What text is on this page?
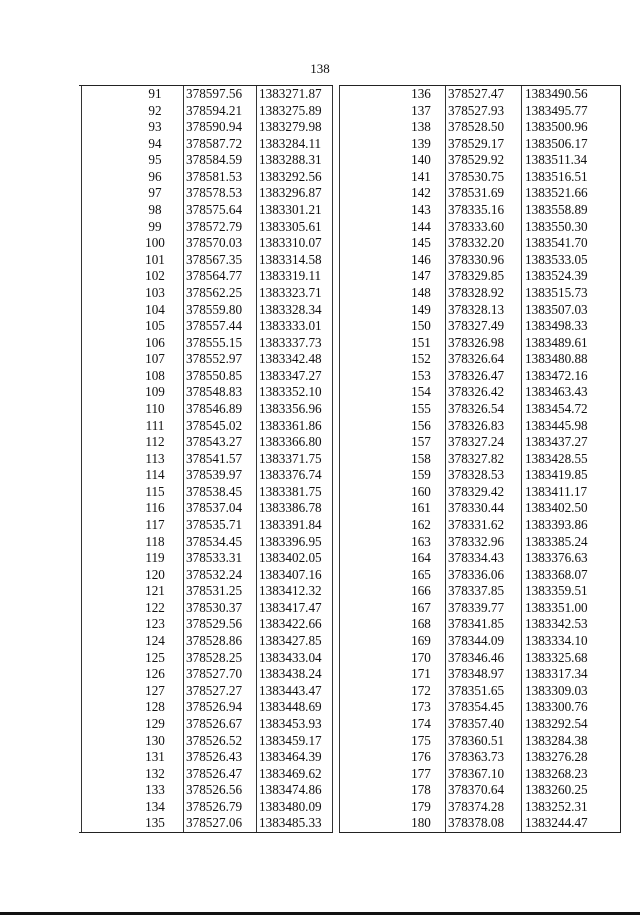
138
91	378597.56 1383271.87
92	378594.21 1383275.89
93	378590.94 1383279.98
94	378587.72 1383284.11
95	378584.59 1383288.31
96	378581.53 1383292.56
97	378578.53 1383296.87
98	378575.64 1383301.21
99	378572.79 1383305.61
100	378570.03 1383310.07
101	378567.35 1383314.58
102	378564.77 1383319.11
103	378562.25 1383323.71
104	378559.80 1383328.34
105	378557.44 1383333.01
106	378555.15 1383337.73
107	378552.97 1383342.48
108	378550.85 1383347.27
109	378548.83 1383352.10
110	378546.89 1383356.96
111	378545.02 1383361.86
112	378543.27 1383366.80
113	378541.57 1383371.75
114	378539.97 1383376.74
115	378538.45 1383381.75
116	378537.04 1383386.78
117	378535.71 1383391.84
118	378534.45 1383396.95
119	378533.31 1383402.05
120	378532.24 1383407.16
121	378531.25 1383412.32
122	378530.37 1383417.47
123	378529.56 1383422.66
124	378528.86 1383427.85
125	378528.25 1383433.04
126	378527.70 1383438.24
127	378527.27 1383443.47
128	378526.94 1383448.69
129	378526.67 1383453.93
130	378526.52 1383459.17
131	378526.43 1383464.39
132	378526.47 1383469.62
133	378526.56 1383474.86
134	378526.79 1383480.09
135	378527.06 1383485.33
136	378527.47 1383490.56
137	378527.93 1383495.77
138	378528.50 1383500.96
139	378529.17 1383506.17
140	378529.92 1383511.34
141	378530.75 1383516.51
142	378531.69 1383521.66
143	378335.16 1383558.89
144	378333.60 1383550.30
145	378332.20 1383541.70
146	378330.96 1383533.05
147	378329.85 1383524.39
148	378328.92 1383515.73
149	378328.13 1383507.03
150	378327.49 1383498.33
151	378326.98 1383489.61
152	378326.64 1383480.88
153	378326.47 1383472.16
154	378326.42 1383463.43
155	378326.54 1383454.72
156	378326.83 1383445.98
157	378327.24 1383437.27
158	378327.82 1383428.55
159	378328.53 1383419.85
160	378329.42 1383411.17
161	378330.44 1383402.50
162	378331.62 1383393.86
163	378332.96 1383385.24
164	378334.43 1383376.63
165	378336.06 1383368.07
166	378337.85 1383359.51
167	378339.77 1383351.00
168	378341.85 1383342.53
169	378344.09 1383334.10
170	378346.46 1383325.68
171	378348.97 1383317.34
172	378351.65 1383309.03
173	378354.45 1383300.76
174	378357.40 1383292.54
175	378360.51 1383284.38
176	378363.73 1383276.28
177	378367.10 1383268.23
178	378370.64 1383260.25
179	378374.28 1383252.31
180	378378.08 1383244.47
